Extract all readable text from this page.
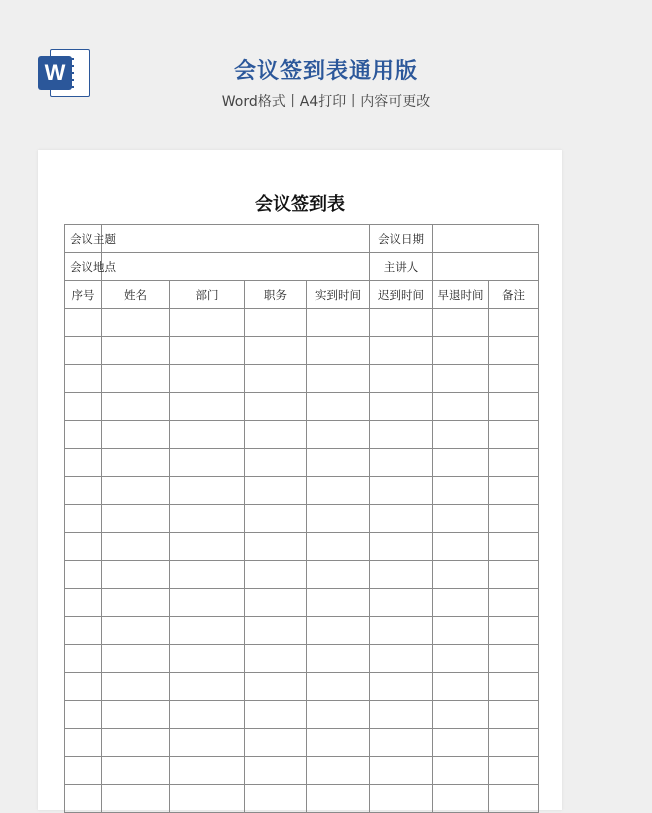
W	会议签到表通用版

Word格式丨A4打印丨内容可更改

会议签到表
会议主题					会议日期		
会议地点					主讲人		
序号	姓名	部门	职务	实到时间	迟到时间	早退时间	备注
